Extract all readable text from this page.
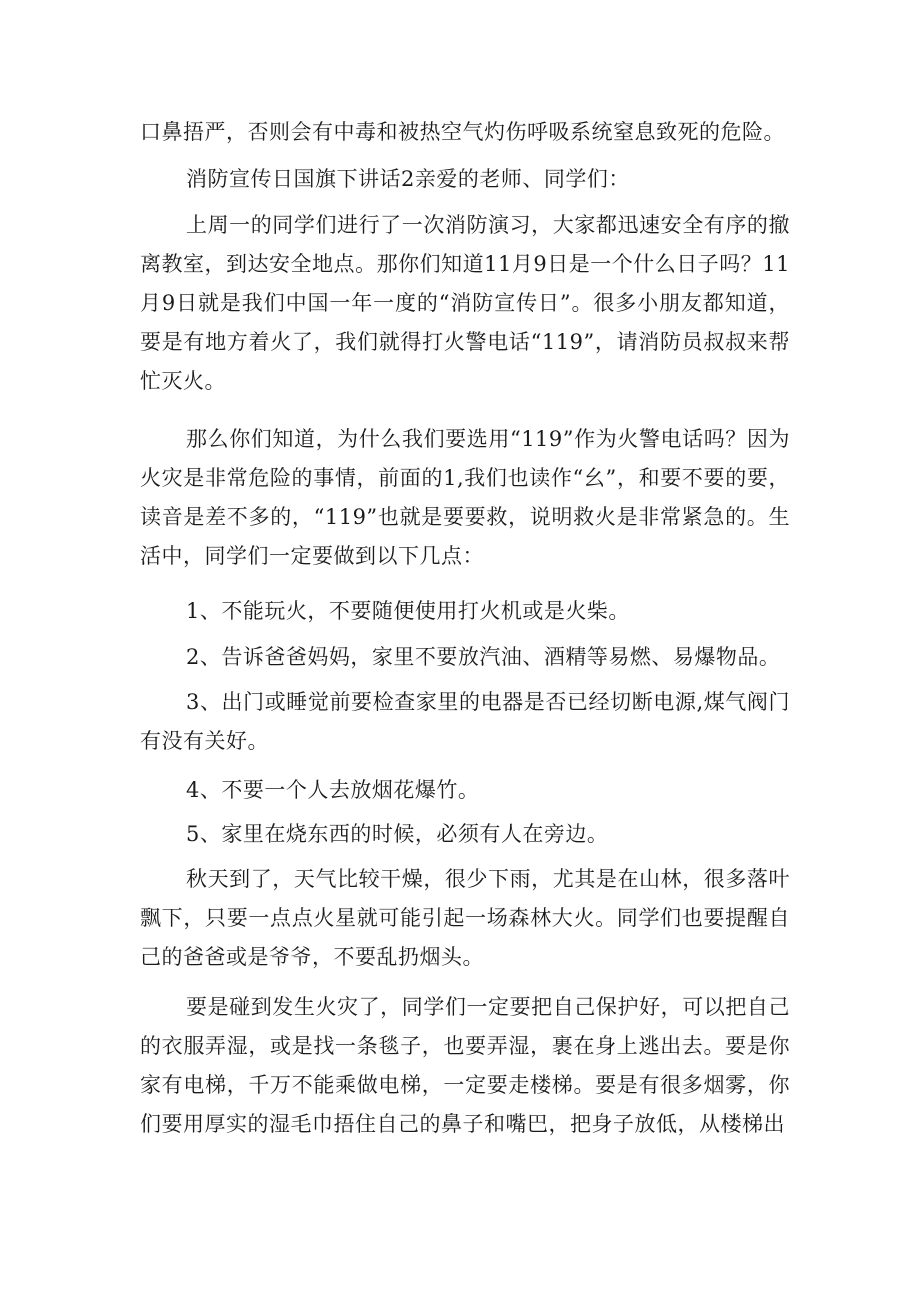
口鼻捂严，否则会有中毒和被热空气灼伤呼吸系统窒息致死的危险。

消防宣传日国旗下讲话2亲爱的老师、同学们：

上周一的同学们进行了一次消防演习，大家都迅速安全有序的撤离教室，到达安全地点。那你们知道11月9日是一个什么日子吗？11月9日就是我们中国一年一度的“消防宣传日”。很多小朋友都知道，要是有地方着火了，我们就得打火警电话“119”，请消防员叔叔来帮忙灭火。

那么你们知道，为什么我们要选用“119”作为火警电话吗？因为火灾是非常危险的事情，前面的1,我们也读作“幺”，和要不要的要，读音是差不多的，“119”也就是要要救，说明救火是非常紧急的。生活中，同学们一定要做到以下几点：

1、不能玩火，不要随便使用打火机或是火柴。

2、告诉爸爸妈妈，家里不要放汽油、酒精等易燃、易爆物品。

3、出门或睡觉前要检查家里的电器是否已经切断电源,煤气阀门有没有关好。

4、不要一个人去放烟花爆竹。

5、家里在烧东西的时候，必须有人在旁边。

秋天到了，天气比较干燥，很少下雨，尤其是在山林，很多落叶飘下，只要一点点火星就可能引起一场森林大火。同学们也要提醒自己的爸爸或是爷爷，不要乱扔烟头。

要是碰到发生火灾了，同学们一定要把自己保护好，可以把自己的衣服弄湿，或是找一条毯子，也要弄湿，裹在身上逃出去。要是你家有电梯，千万不能乘做电梯，一定要走楼梯。要是有很多烟雾，你们要用厚实的湿毛巾捂住自己的鼻子和嘴巴，把身子放低，从楼梯出
